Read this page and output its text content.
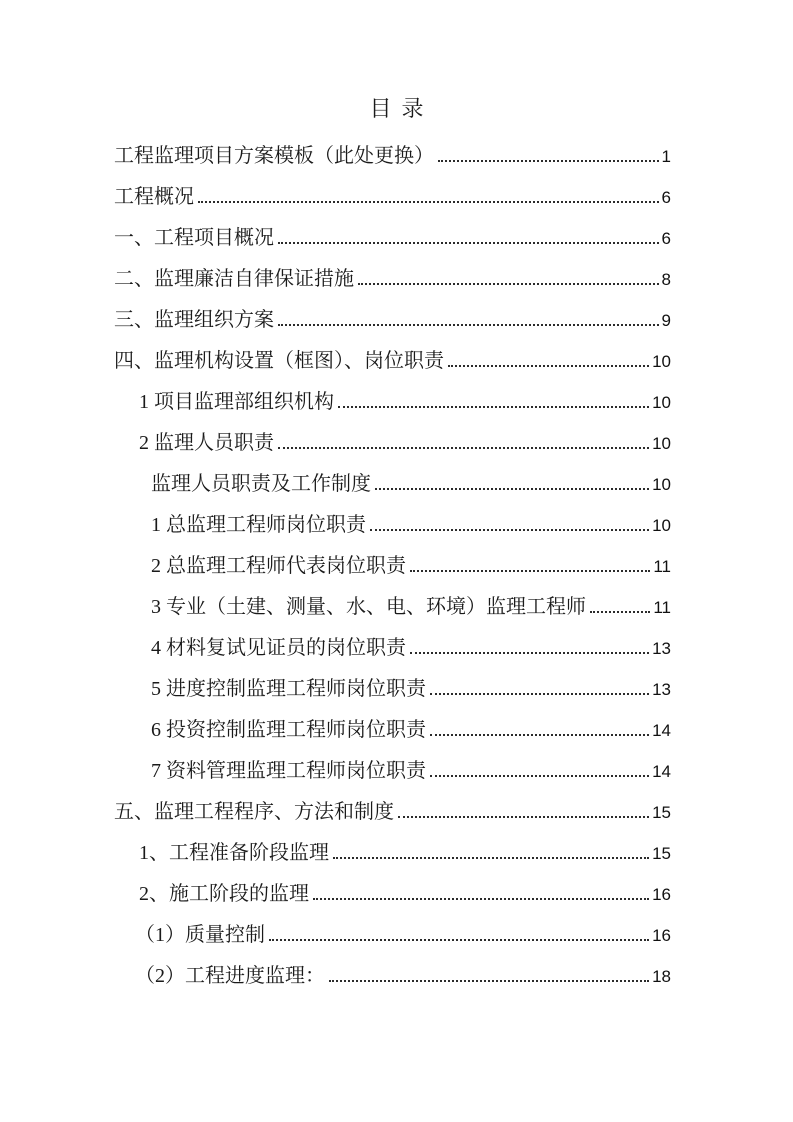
目录
工程监理项目方案模板（此处更换）	1
工程概况	6
一、工程项目概况	6
二、监理廉洁自律保证措施	8
三、监理组织方案	9
四、监理机构设置（框图）、岗位职责	10
1 项目监理部组织机构	10
2 监理人员职责	10
监理人员职责及工作制度	10
1 总监理工程师岗位职责	10
2 总监理工程师代表岗位职责	11
3 专业（土建、测量、水、电、环境）监理工程师	11
4 材料复试见证员的岗位职责	13
5 进度控制监理工程师岗位职责	13
6 投资控制监理工程师岗位职责	14
7 资料管理监理工程师岗位职责	14
五、监理工程程序、方法和制度	15
1、工程准备阶段监理	15
2、施工阶段的监理	16
（1）质量控制	16
（2）工程进度监理：	18
